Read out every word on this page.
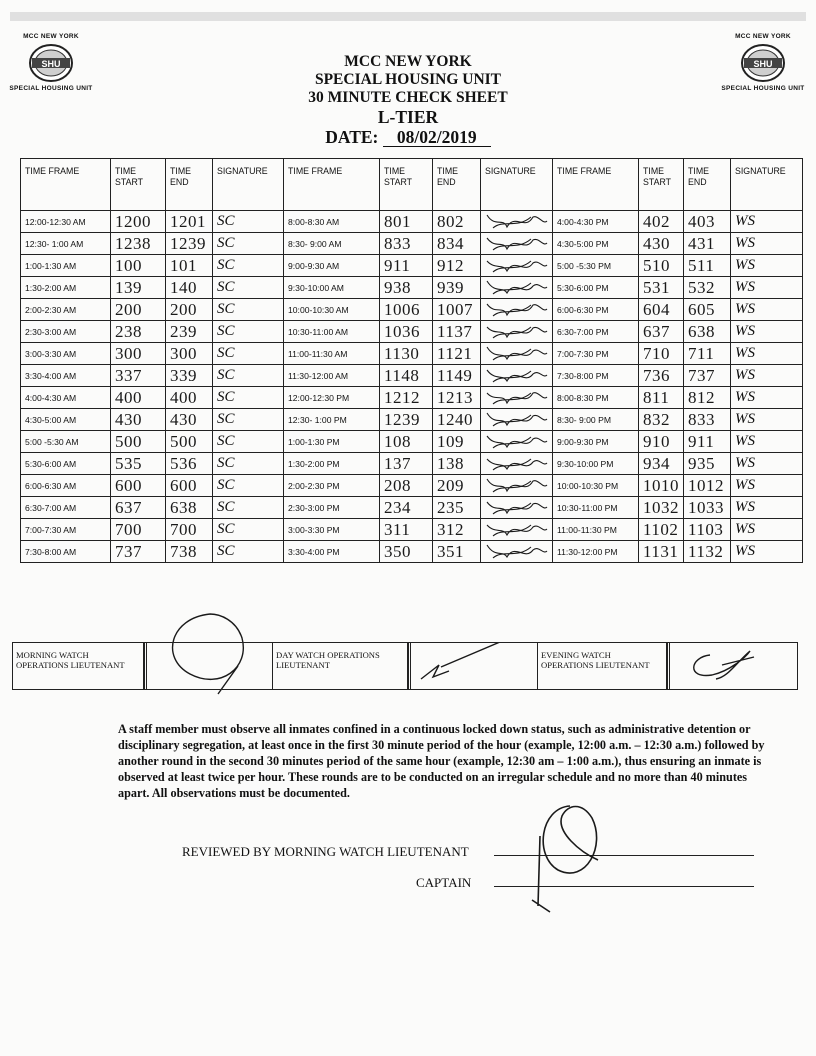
MCC NEW YORK
SHU
SPECIAL HOUSING UNIT
MCC NEW YORK
SHU
SPECIAL HOUSING UNIT
MCC NEW YORK
SPECIAL HOUSING UNIT
30 MINUTE CHECK SHEET
L-TIER
DATE: 08/02/2019
TIME FRAME	TIME START	TIME END	SIGNATURE	TIME FRAME	TIME START	TIME END	SIGNATURE	TIME FRAME	TIME START	TIME END	SIGNATURE
12:00-12:30 AM	1200	1201	SC	8:00-8:30 AM	801	802		4:00-4:30 PM	402	403	WS
12:30- 1:00 AM	1238	1239	SC	8:30- 9:00 AM	833	834		4:30-5:00 PM	430	431	WS
1:00-1:30 AM	100	101	SC	9:00-9:30 AM	911	912		5:00 -5:30 PM	510	511	WS
1:30-2:00 AM	139	140	SC	9:30-10:00 AM	938	939		5:30-6:00 PM	531	532	WS
2:00-2:30 AM	200	200	SC	10:00-10:30 AM	1006	1007		6:00-6:30 PM	604	605	WS
2:30-3:00 AM	238	239	SC	10:30-11:00 AM	1036	1137		6:30-7:00 PM	637	638	WS
3:00-3:30 AM	300	300	SC	11:00-11:30 AM	1130	1121		7:00-7:30 PM	710	711	WS
3:30-4:00 AM	337	339	SC	11:30-12:00 AM	1148	1149		7:30-8:00 PM	736	737	WS
4:00-4:30 AM	400	400	SC	12:00-12:30 PM	1212	1213		8:00-8:30 PM	811	812	WS
4:30-5:00 AM	430	430	SC	12:30- 1:00 PM	1239	1240		8:30- 9:00 PM	832	833	WS
5:00 -5:30 AM	500	500	SC	1:00-1:30 PM	108	109		9:00-9:30 PM	910	911	WS
5:30-6:00 AM	535	536	SC	1:30-2:00 PM	137	138		9:30-10:00 PM	934	935	WS
6:00-6:30 AM	600	600	SC	2:00-2:30 PM	208	209		10:00-10:30 PM	1010	1012	WS
6:30-7:00 AM	637	638	SC	2:30-3:00 PM	234	235		10:30-11:00 PM	1032	1033	WS
7:00-7:30 AM	700	700	SC	3:00-3:30 PM	311	312		11:00-11:30 PM	1102	1103	WS
7:30-8:00 AM	737	738	SC	3:30-4:00 PM	350	351		11:30-12:00 PM	1131	1132	WS
MORNING WATCH OPERATIONS LIEUTENANT
DAY WATCH OPERATIONS LIEUTENANT
EVENING WATCH OPERATIONS LIEUTENANT
A staff member must observe all inmates confined in a continuous locked down status, such as administrative detention or disciplinary segregation, at least once in the first 30 minute period of the hour (example, 12:00 a.m. – 12:30 a.m.) followed by another round in the second 30 minutes period of the same hour (example, 12:30 am – 1:00 a.m.), thus ensuring an inmate is observed at least twice per hour. These rounds are to be conducted on an irregular schedule and no more than 40 minutes apart. All observations must be documented.
REVIEWED BY MORNING WATCH LIEUTENANT
CAPTAIN
